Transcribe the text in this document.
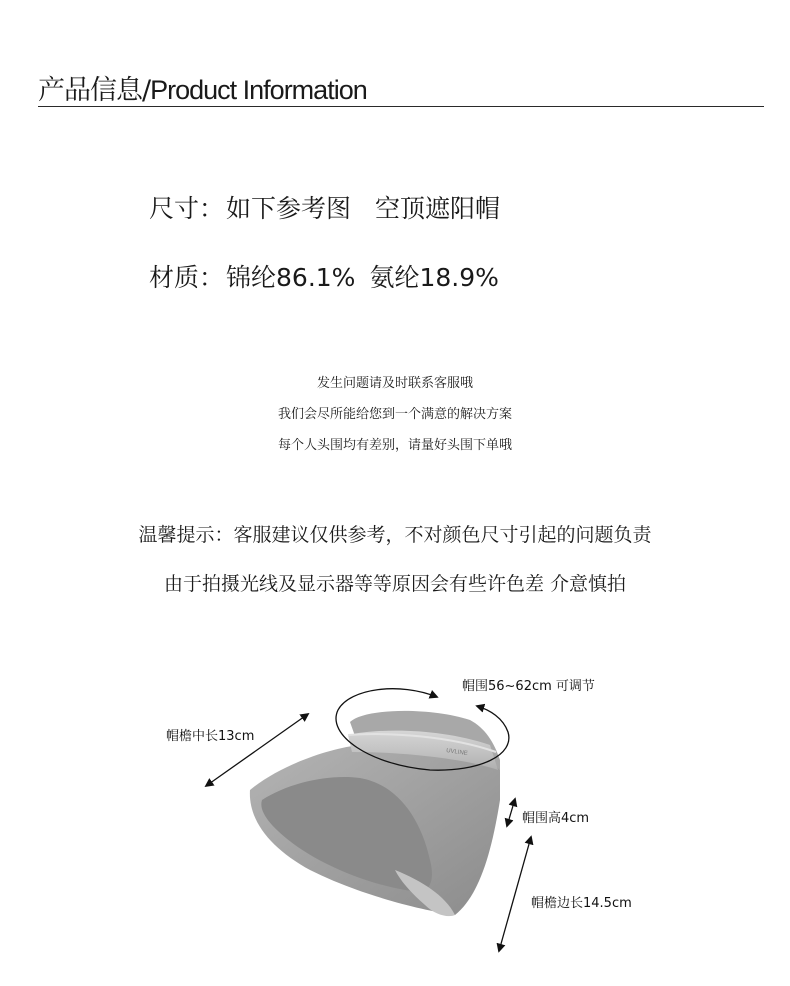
产品信息/Product Information
尺寸：如下参考图 空顶遮阳帽
材质：锦纶86.1% 氨纶18.9%
发生问题请及时联系客服哦
我们会尽所能给您到一个满意的解决方案
每个人头围均有差别，请量好头围下单哦
温馨提示：客服建议仅供参考，不对颜色尺寸引起的问题负责
由于拍摄光线及显示器等等原因会有些许色差 介意慎拍
UVLINE
帽檐中长13cm
帽围56~62cm 可调节
帽围高4cm
帽檐边长14.5cm
